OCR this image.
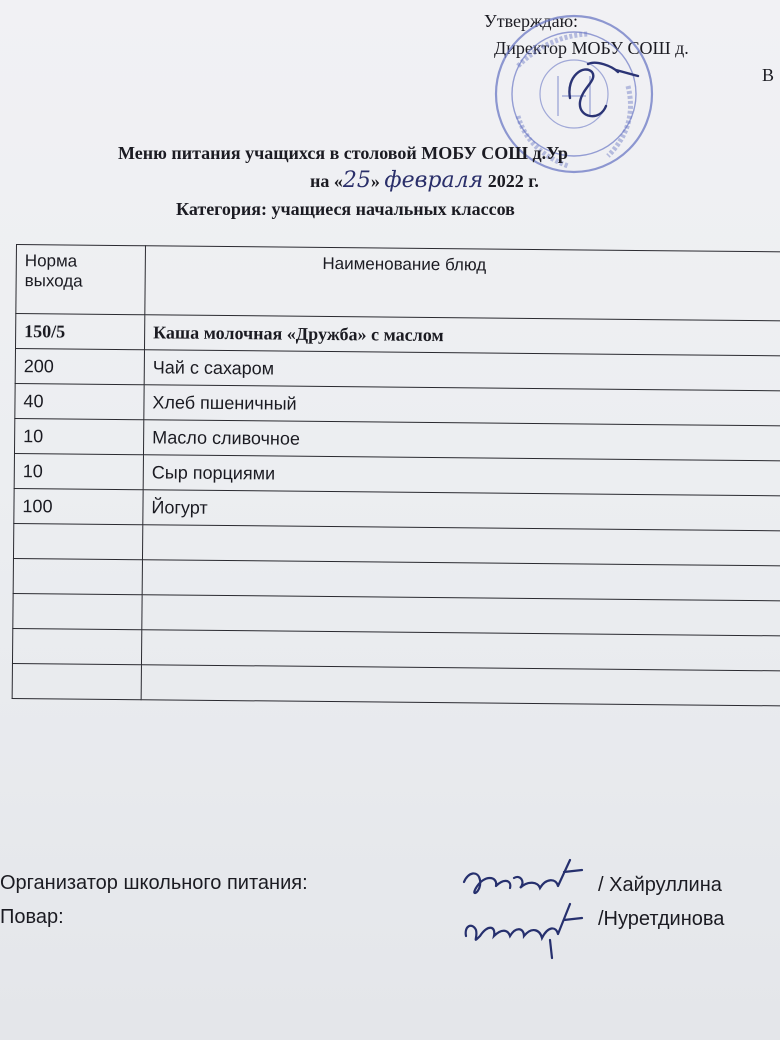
Утверждаю:
Директор МОБУ СОШ д.
В
Меню питания учащихся в столовой МОБУ СОШ д.Ур
на «25» февраля 2022 г.
Категория: учащиеся начальных классов
Норма выхода	Наименование блюд
150/5	Каша молочная «Дружба» с маслом
200	Чай с сахаром
40	Хлеб пшеничный
10	Масло сливочное
10	Сыр порциями
100	Йогурт

Организатор школьного питания:
Повар:
/ Хайруллина
/Нуретдинова
